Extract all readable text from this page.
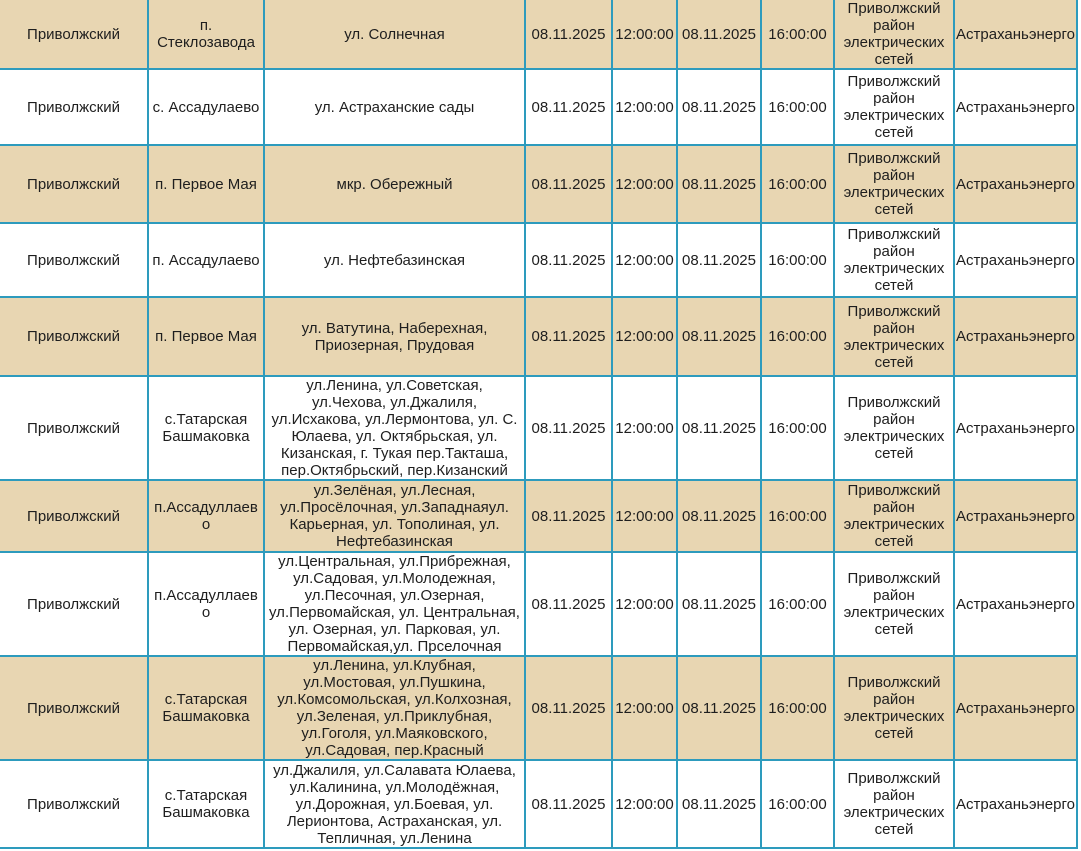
Приволжский	п. Стеклозавода	ул. Солнечная	08.11.2025	12:00:00	08.11.2025	16:00:00	Приволжский район электрических сетей	Астраханьэнерго
Приволжский	с. Ассадулаево	ул. Астраханские сады	08.11.2025	12:00:00	08.11.2025	16:00:00	Приволжский район электрических сетей	Астраханьэнерго
Приволжский	п. Первое Мая	мкр. Обережный	08.11.2025	12:00:00	08.11.2025	16:00:00	Приволжский район электрических сетей	Астраханьэнерго
Приволжский	п. Ассадулаево	ул. Нефтебазинская	08.11.2025	12:00:00	08.11.2025	16:00:00	Приволжский район электрических сетей	Астраханьэнерго
Приволжский	п. Первое Мая	ул. Ватутина, Наберехная, Приозерная, Прудовая	08.11.2025	12:00:00	08.11.2025	16:00:00	Приволжский район электрических сетей	Астраханьэнерго
Приволжский	с.Татарская Башмаковка	ул.Ленина, ул.Советская, ул.Чехова, ул.Джалиля, ул.Исхакова, ул.Лермонтова, ул. С. Юлаева, ул. Октябрьская, ул. Кизанская, г. Тукая пер.Такташа, пер.Октябрьский, пер.Кизанский	08.11.2025	12:00:00	08.11.2025	16:00:00	Приволжский район электрических сетей	Астраханьэнерго
Приволжский	п.Ассадуллаево	ул.Зелёная, ул.Лесная, ул.Просёлочная, ул.Западнаяул. Карьерная, ул. Тополиная, ул. Нефтебазинская	08.11.2025	12:00:00	08.11.2025	16:00:00	Приволжский район электрических сетей	Астраханьэнерго
Приволжский	п.Ассадуллаево	ул.Центральная, ул.Прибрежная, ул.Садовая, ул.Молодежная, ул.Песочная, ул.Озерная, ул.Первомайская, ул. Центральная, ул. Озерная, ул. Парковая, ул. Первомайская,ул. Прселочная	08.11.2025	12:00:00	08.11.2025	16:00:00	Приволжский район электрических сетей	Астраханьэнерго
Приволжский	с.Татарская Башмаковка	ул.Ленина, ул.Клубная, ул.Мостовая, ул.Пушкина, ул.Комсомольская, ул.Колхозная, ул.Зеленая, ул.Приклубная, ул.Гоголя, ул.Маяковского, ул.Садовая, пер.Красный	08.11.2025	12:00:00	08.11.2025	16:00:00	Приволжский район электрических сетей	Астраханьэнерго
Приволжский	с.Татарская Башмаковка	ул.Джалиля, ул.Салавата Юлаева, ул.Калинина, ул.Молодёжная, ул.Дорожная, ул.Боевая, ул. Лерионтова, Астраханская, ул. Тепличная, ул.Ленина	08.11.2025	12:00:00	08.11.2025	16:00:00	Приволжский район электрических сетей	Астраханьэнерго
